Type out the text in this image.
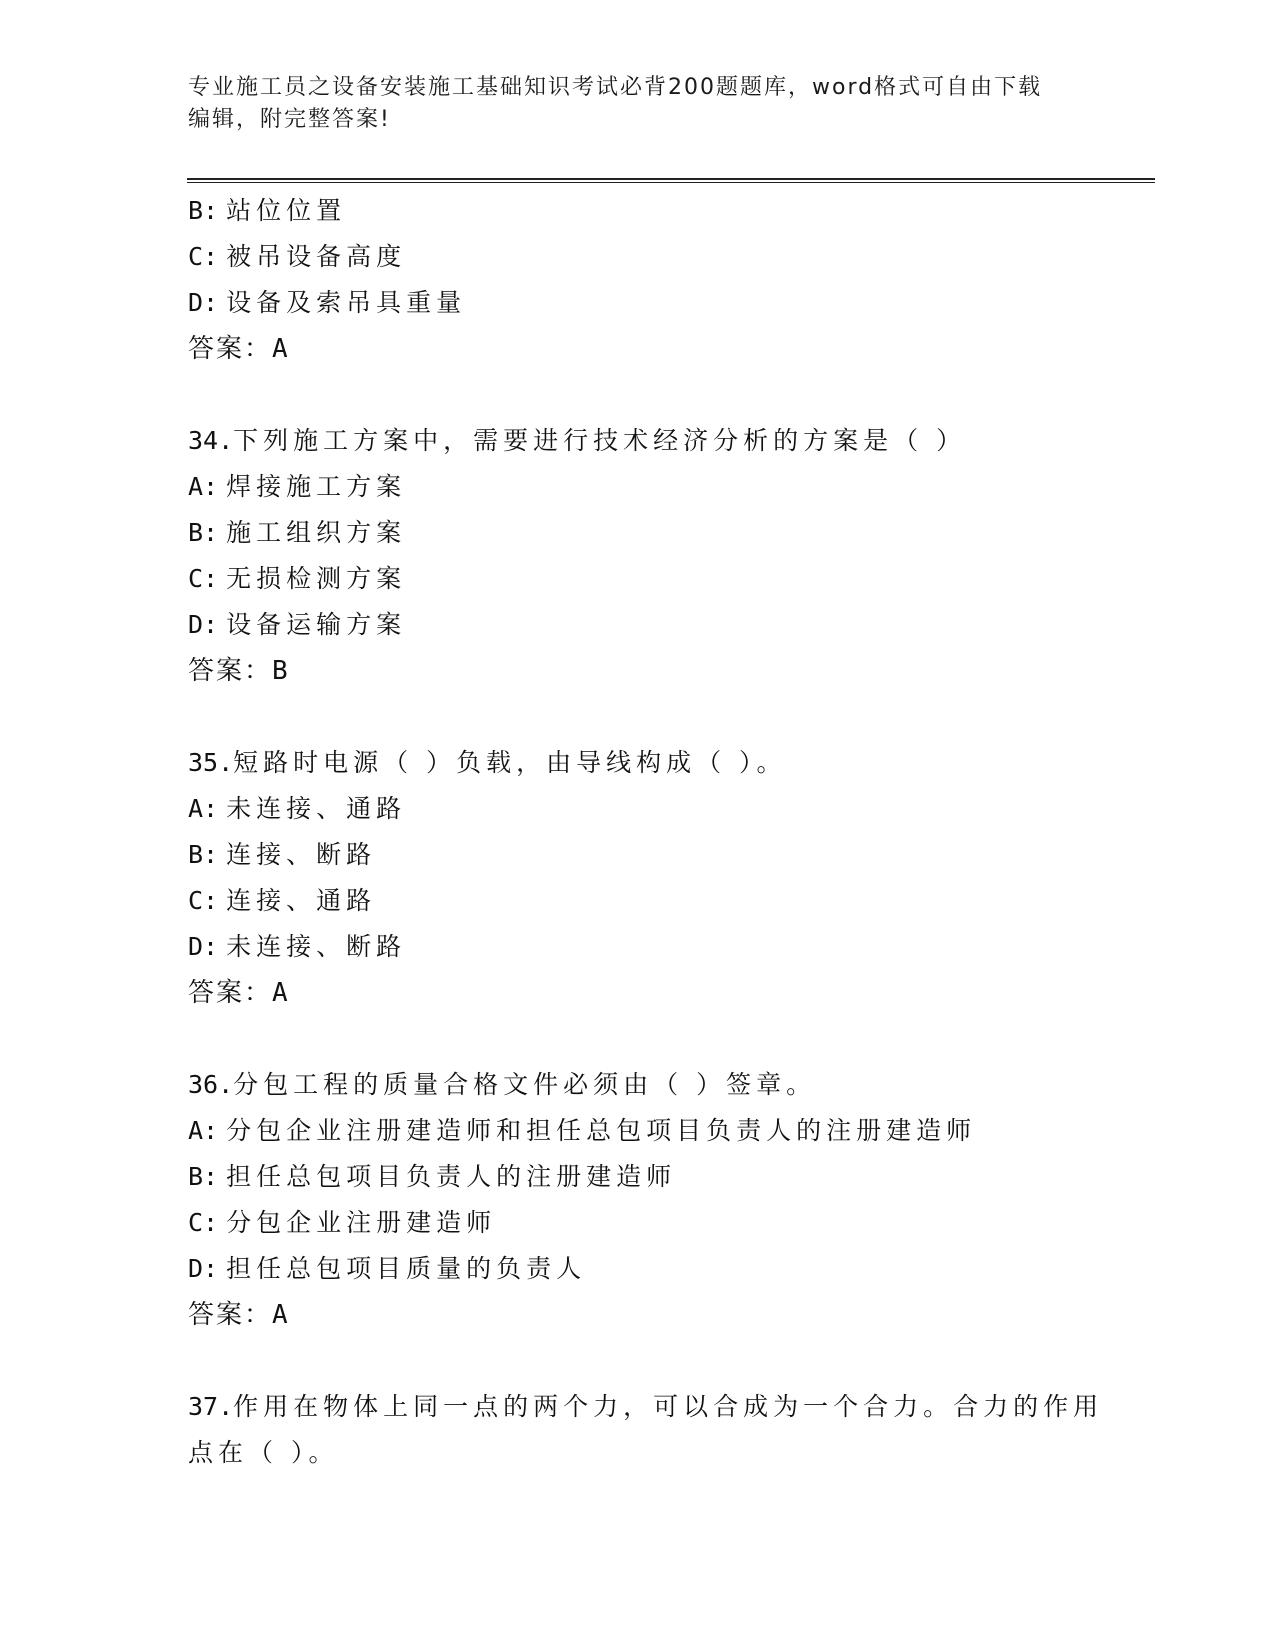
专业施工员之设备安装施工基础知识考试必背200题题库，word格式可自由下载
编辑，附完整答案!
B: 站位位置
C: 被吊设备高度
D: 设备及索吊具重量
答案：A
34.下列施工方案中，需要进行技术经济分析的方案是（ ）
A: 焊接施工方案
B: 施工组织方案
C: 无损检测方案
D: 设备运输方案
答案：B
35.短路时电源（ ）负载，由导线构成（ ）。
A: 未连接、通路
B: 连接、断路
C: 连接、通路
D: 未连接、断路
答案：A
36.分包工程的质量合格文件必须由（ ）签章。
A: 分包企业注册建造师和担任总包项目负责人的注册建造师
B: 担任总包项目负责人的注册建造师
C: 分包企业注册建造师
D: 担任总包项目质量的负责人
答案：A
37.作用在物体上同一点的两个力，可以合成为一个合力。合力的作用
点在（ ）。
